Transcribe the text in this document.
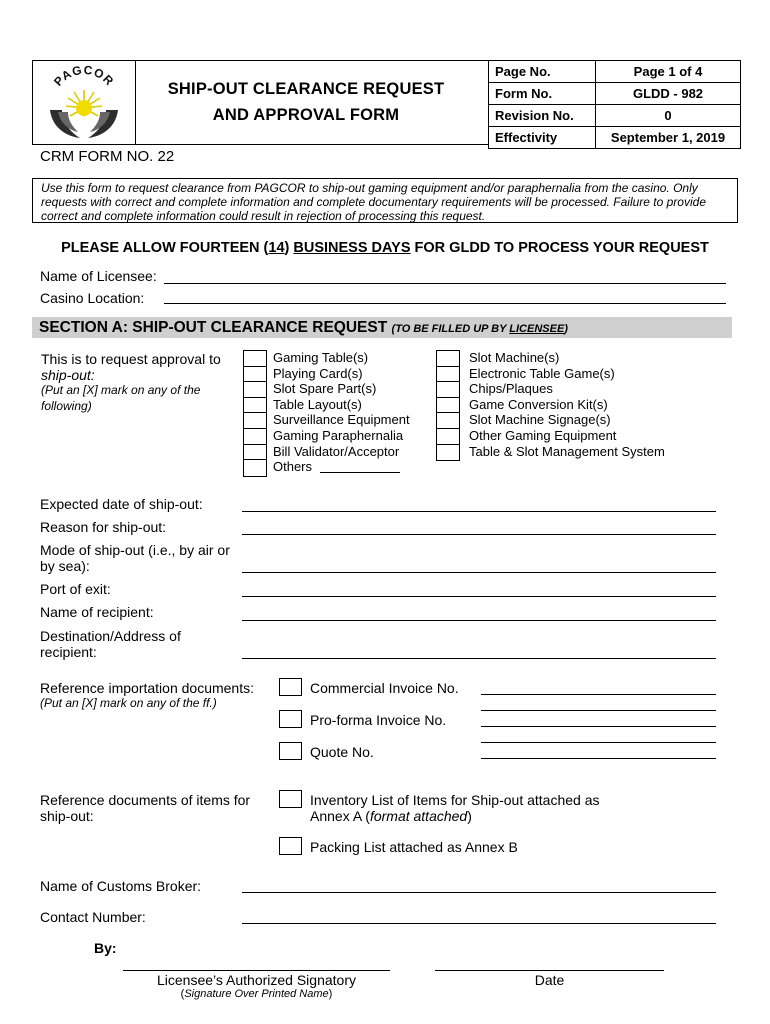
PAGCOR	SHIP-OUT CLEARANCE REQUEST
AND APPROVAL FORM
Page No.	Page 1 of 4
Form No.	GLDD - 982
Revision No.	0
Effectivity	September 1, 2019
CRM FORM NO. 22
Use this form to request clearance from PAGCOR to ship-out gaming equipment and/or paraphernalia from the casino. Only requests with correct and complete information and complete documentary requirements will be processed. Failure to provide correct and complete information could result in rejection of processing this request.
PLEASE ALLOW FOURTEEN (14) BUSINESS DAYS FOR GLDD TO PROCESS YOUR REQUEST
Name of Licensee:
Casino Location:
SECTION A: SHIP-OUT CLEARANCE REQUEST (TO BE FILLED UP BY LICENSEE)
This is to request approval to
ship-out:
(Put an [X] mark on any of the
following)
Gaming Table(s)
Playing Card(s)
Slot Spare Part(s)
Table Layout(s)
Surveillance Equipment
Gaming Paraphernalia
Bill Validator/Acceptor
Others
Slot Machine(s)
Electronic Table Game(s)
Chips/Plaques
Game Conversion Kit(s)
Slot Machine Signage(s)
Other Gaming Equipment
Table & Slot Management System
Expected date of ship-out:
Reason for ship-out:
Mode of ship-out (i.e., by air or
by sea):
Port of exit:
Name of recipient:
Destination/Address of
recipient:
Reference importation documents:
(Put an [X] mark on any of the ff.)
Commercial Invoice No.
Pro-forma Invoice No.
Quote No.
Reference documents of items for
ship-out:
Inventory List of Items for Ship-out attached as
Annex A (format attached)
Packing List attached as Annex B
Name of Customs Broker:
Contact Number:
By:
Licensee’s Authorized Signatory
(Signature Over Printed Name)
Date
